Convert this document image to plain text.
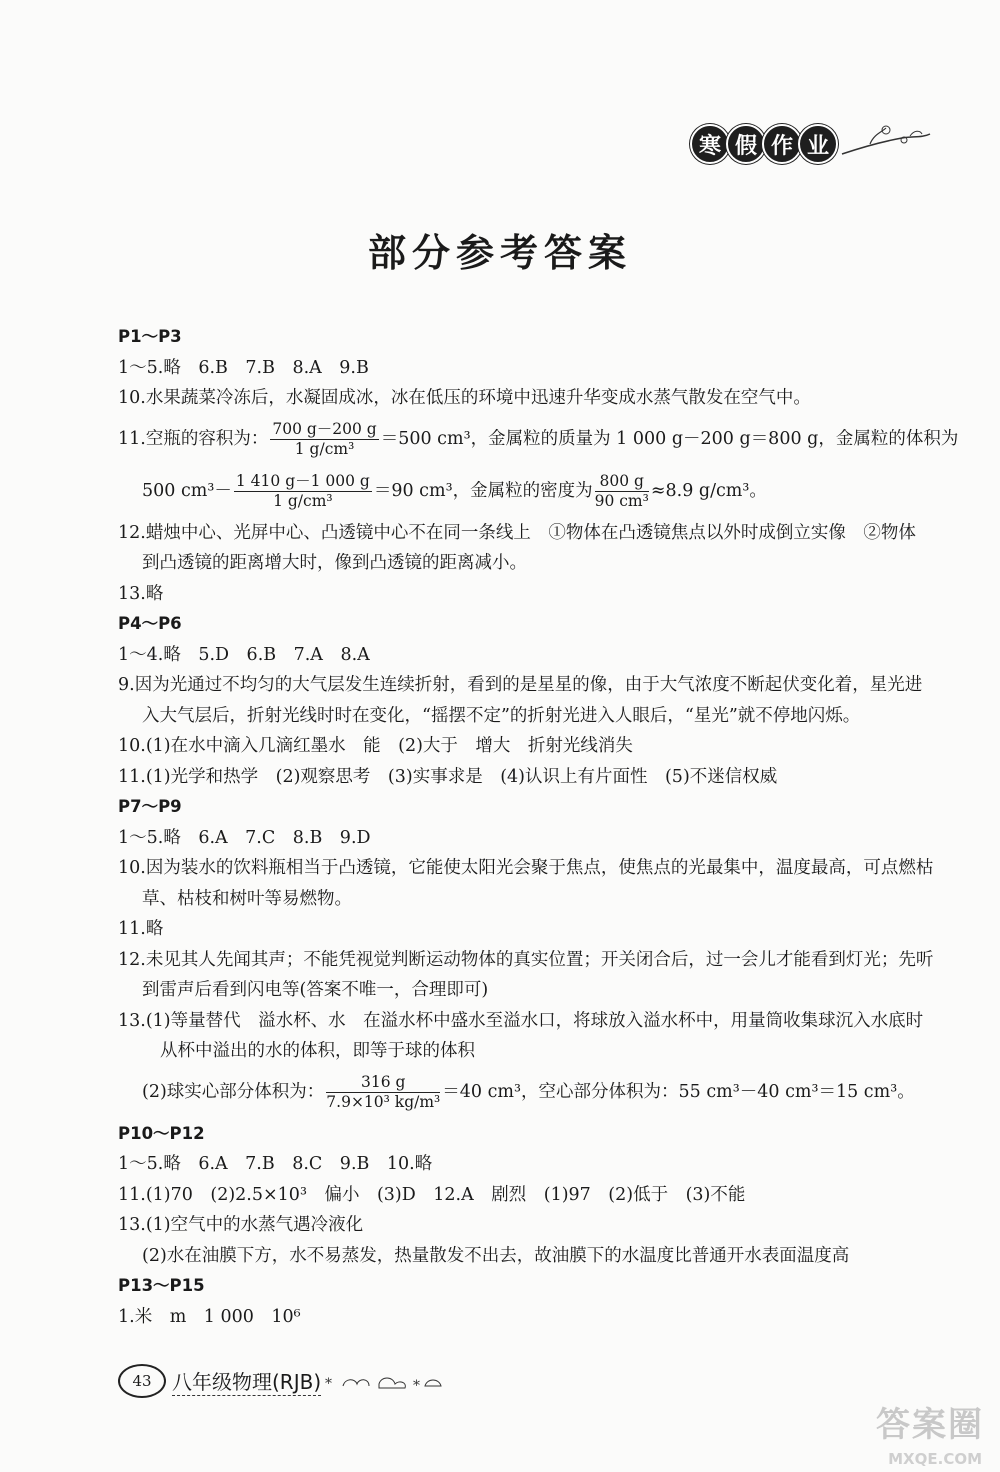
寒 假 作 业
部分参考答案
P1～P3
1～5.略　6.B　7.B　8.A　9.B
10.水果蔬菜冷冻后，水凝固成冰，冰在低压的环境中迅速升华变成水蒸气散发在空气中。
11.空瓶的容积为： $\frac{700 g-200 g}{\text{1 g/cm³}} =500$ cm³，金属粒的质量为 1 000 g－200 g＝800 g，金属粒的体积为
500 $cm^3- \frac{1 410 g-1 000 g}{\text{1 g/cm³}} =90$ cm³，金属粒的密度为 $\frac{800 g}{\text{90 cm³}} \approx 8.9$ g/cm³。
12.蜡烛中心、光屏中心、凸透镜中心不在同一条线上　①物体在凸透镜焦点以外时成倒立实像　②物体
到凸透镜的距离增大时，像到凸透镜的距离减小。
13.略
P4～P6
1～4.略　5.D　6.B　7.A　8.A
9.因为光通过不均匀的大气层发生连续折射，看到的是星星的像，由于大气浓度不断起伏变化着，星光进
入大气层后，折射光线时时在变化，“摇摆不定”的折射光进入人眼后，“星光”就不停地闪烁。
10.(1)在水中滴入几滴红墨水　能　(2)大于　增大　折射光线消失
11.(1)光学和热学　(2)观察思考　(3)实事求是　(4)认识上有片面性　(5)不迷信权威
P7～P9
1～5.略　6.A　7.C　8.B　9.D
10.因为装水的饮料瓶相当于凸透镜，它能使太阳光会聚于焦点，使焦点的光最集中，温度最高，可点燃枯
草、枯枝和树叶等易燃物。
11.略
12.未见其人先闻其声；不能凭视觉判断运动物体的真实位置；开关闭合后，过一会儿才能看到灯光；先听
到雷声后看到闪电等(答案不唯一，合理即可)
13.(1)等量替代　溢水杯、水　在溢水杯中盛水至溢水口，将球放入溢水杯中，用量筒收集球沉入水底时
从杯中溢出的水的体积，即等于球的体积
(2)球实心部分体积为： $\frac{316 g}{\text{7.9×10³ kg/m³}} =40$ cm³，空心部分体积为：55 cm³－40 cm³＝15 cm³。
P10～P12
1～5.略　6.A　7.B　8.C　9.B　10.略
11.(1)70　(2)2.5×10³　偏小　(3)D　12.A　剧烈　(1)97　(2)低于　(3)不能
13.(1)空气中的水蒸气遇冷液化
(2)水在油膜下方，水不易蒸发，热量散发不出去，故油膜下的水温度比普通开水表面温度高
P13～P15
1.米　m　1 000　10⁶
43	八年级物理(RJB) *	*
答案圈
MXQE.COM
